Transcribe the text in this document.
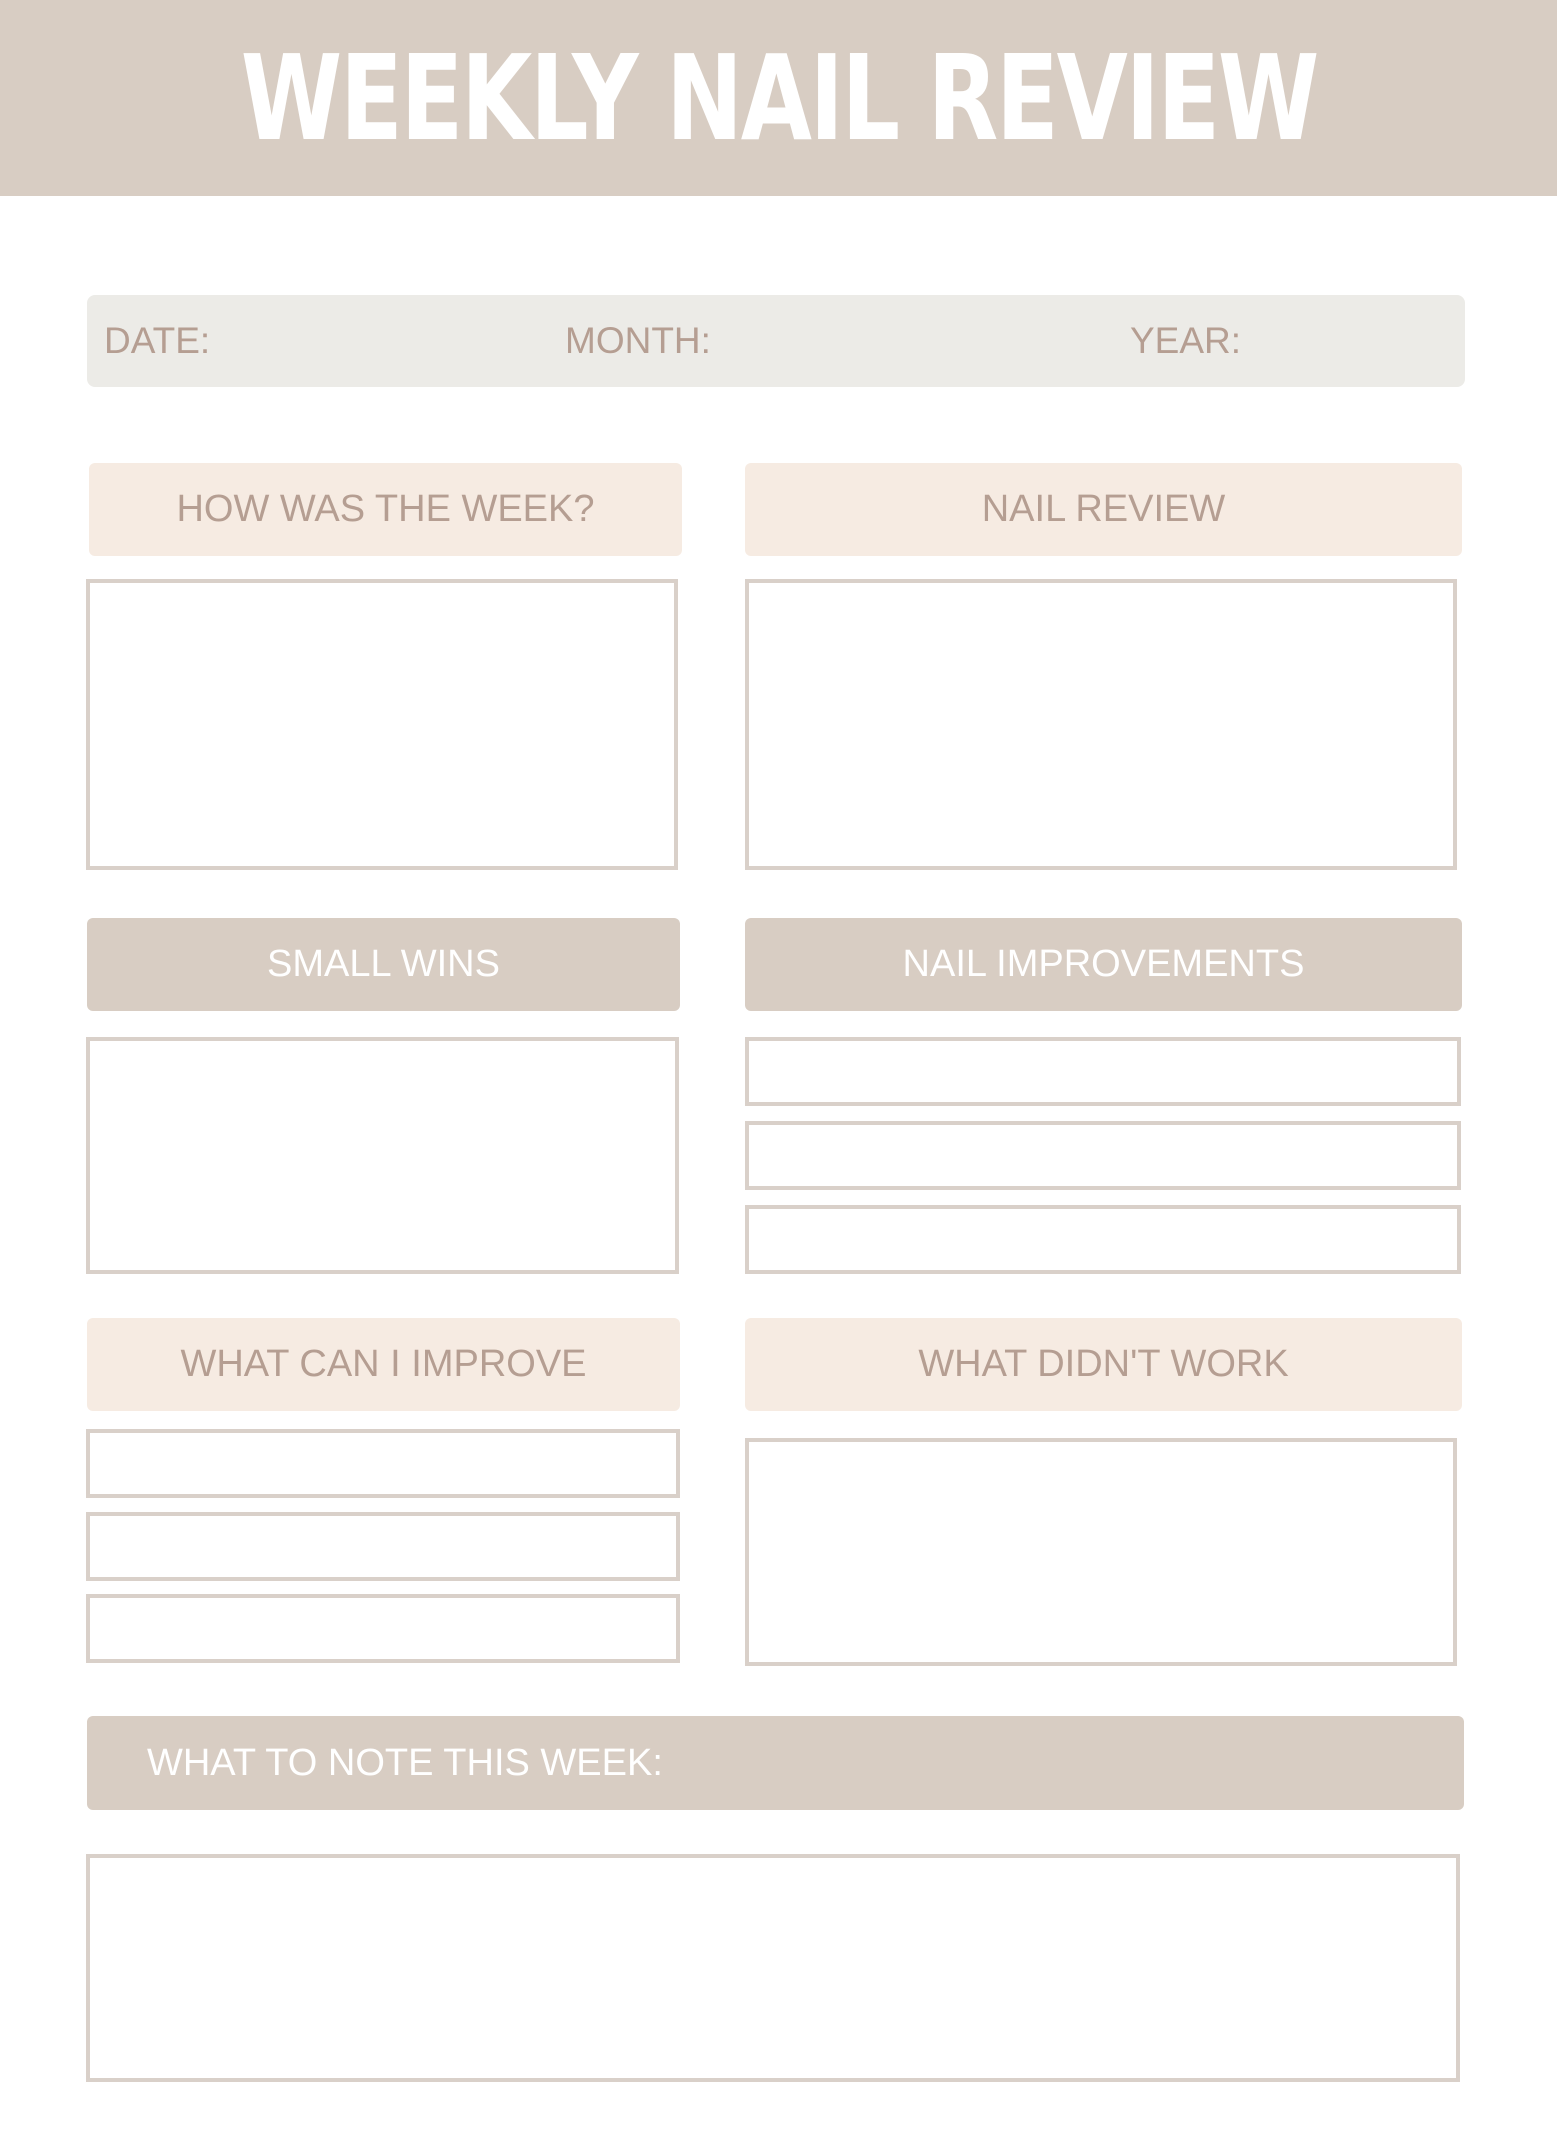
WEEKLY NAIL REVIEW
DATE:	MONTH:	YEAR:
HOW WAS THE WEEK?	NAIL REVIEW
SMALL WINS	NAIL IMPROVEMENTS
WHAT CAN I IMPROVE	WHAT DIDN'T WORK
WHAT TO NOTE THIS WEEK:
